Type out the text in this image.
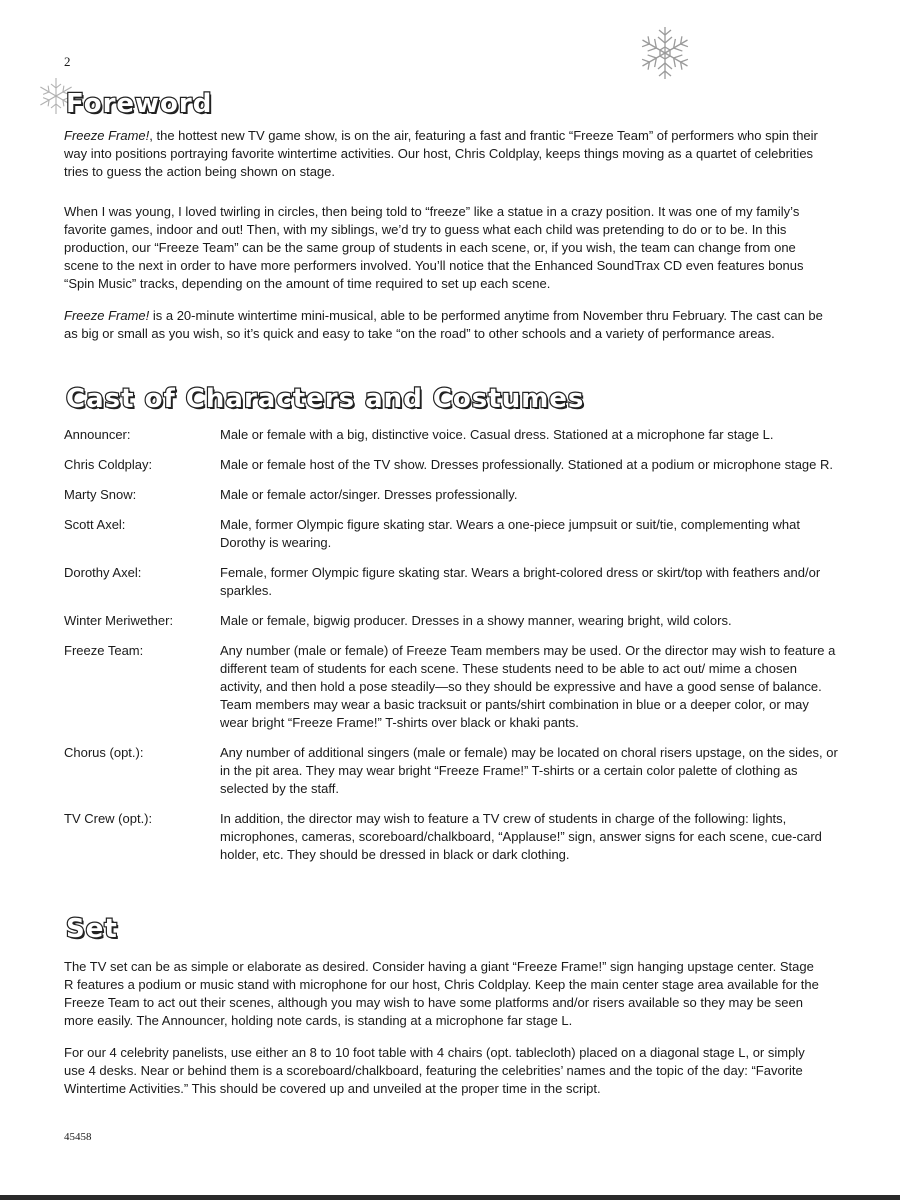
2
Foreword

Freeze Frame!, the hottest new TV game show, is on the air, featuring a fast and frantic “Freeze Team” of performers who spin their way into positions portraying favorite wintertime activities. Our host, Chris Coldplay, keeps things moving as a quartet of celebrities tries to guess the action being shown on stage.

When I was young, I loved twirling in circles, then being told to “freeze” like a statue in a crazy position. It was one of my family’s favorite games, indoor and out! Then, with my siblings, we’d try to guess what each child was pretending to do or to be. In this production, our “Freeze Team” can be the same group of students in each scene, or, if you wish, the team can change from one scene to the next in order to have more performers involved. You’ll notice that the Enhanced SoundTrax CD even features bonus “Spin Music” tracks, depending on the amount of time required to set up each scene.

Freeze Frame! is a 20-minute wintertime mini-musical, able to be performed anytime from November thru February. The cast can be as big or small as you wish, so it’s quick and easy to take “on the road” to other schools and a variety of performance areas.

Cast of Characters and Costumes
Announcer:	Male or female with a big, distinctive voice. Casual dress. Stationed at a microphone far stage L.
Chris Coldplay:	Male or female host of the TV show. Dresses professionally. Stationed at a podium or microphone stage R.
Marty Snow:	Male or female actor/singer. Dresses professionally.
Scott Axel:	Male, former Olympic figure skating star. Wears a one-piece jumpsuit or suit/tie, complementing what Dorothy is wearing.
Dorothy Axel:	Female, former Olympic figure skating star. Wears a bright-colored dress or skirt/top with feathers and/or sparkles.
Winter Meriwether:	Male or female, bigwig producer. Dresses in a showy manner, wearing bright, wild colors.
Freeze Team:	Any number (male or female) of Freeze Team members may be used. Or the director may wish to feature a different team of students for each scene. These students need to be able to act out/ mime a chosen activity, and then hold a pose steadily—so they should be expressive and have a good sense of balance. Team members may wear a basic tracksuit or pants/shirt combination in blue or a deeper color, or may wear bright “Freeze Frame!” T-shirts over black or khaki pants.
Chorus (opt.):	Any number of additional singers (male or female) may be located on choral risers upstage, on the sides, or in the pit area. They may wear bright “Freeze Frame!” T-shirts or a certain color palette of clothing as selected by the staff.
TV Crew (opt.):	In addition, the director may wish to feature a TV crew of students in charge of the following: lights, microphones, cameras, scoreboard/chalkboard, “Applause!” sign, answer signs for each scene, cue-card holder, etc. They should be dressed in black or dark clothing.
Set

The TV set can be as simple or elaborate as desired. Consider having a giant “Freeze Frame!” sign hanging upstage center. Stage R features a podium or music stand with microphone for our host, Chris Coldplay. Keep the main center stage area available for the Freeze Team to act out their scenes, although you may wish to have some platforms and/or risers available so they may be seen more easily. The Announcer, holding note cards, is standing at a microphone far stage L.

For our 4 celebrity panelists, use either an 8 to 10 foot table with 4 chairs (opt. tablecloth) placed on a diagonal stage L, or simply use 4 desks. Near or behind them is a scoreboard/chalkboard, featuring the celebrities’ names and the topic of the day: “Favorite Wintertime Activities.” This should be covered up and unveiled at the proper time in the script.

45458
